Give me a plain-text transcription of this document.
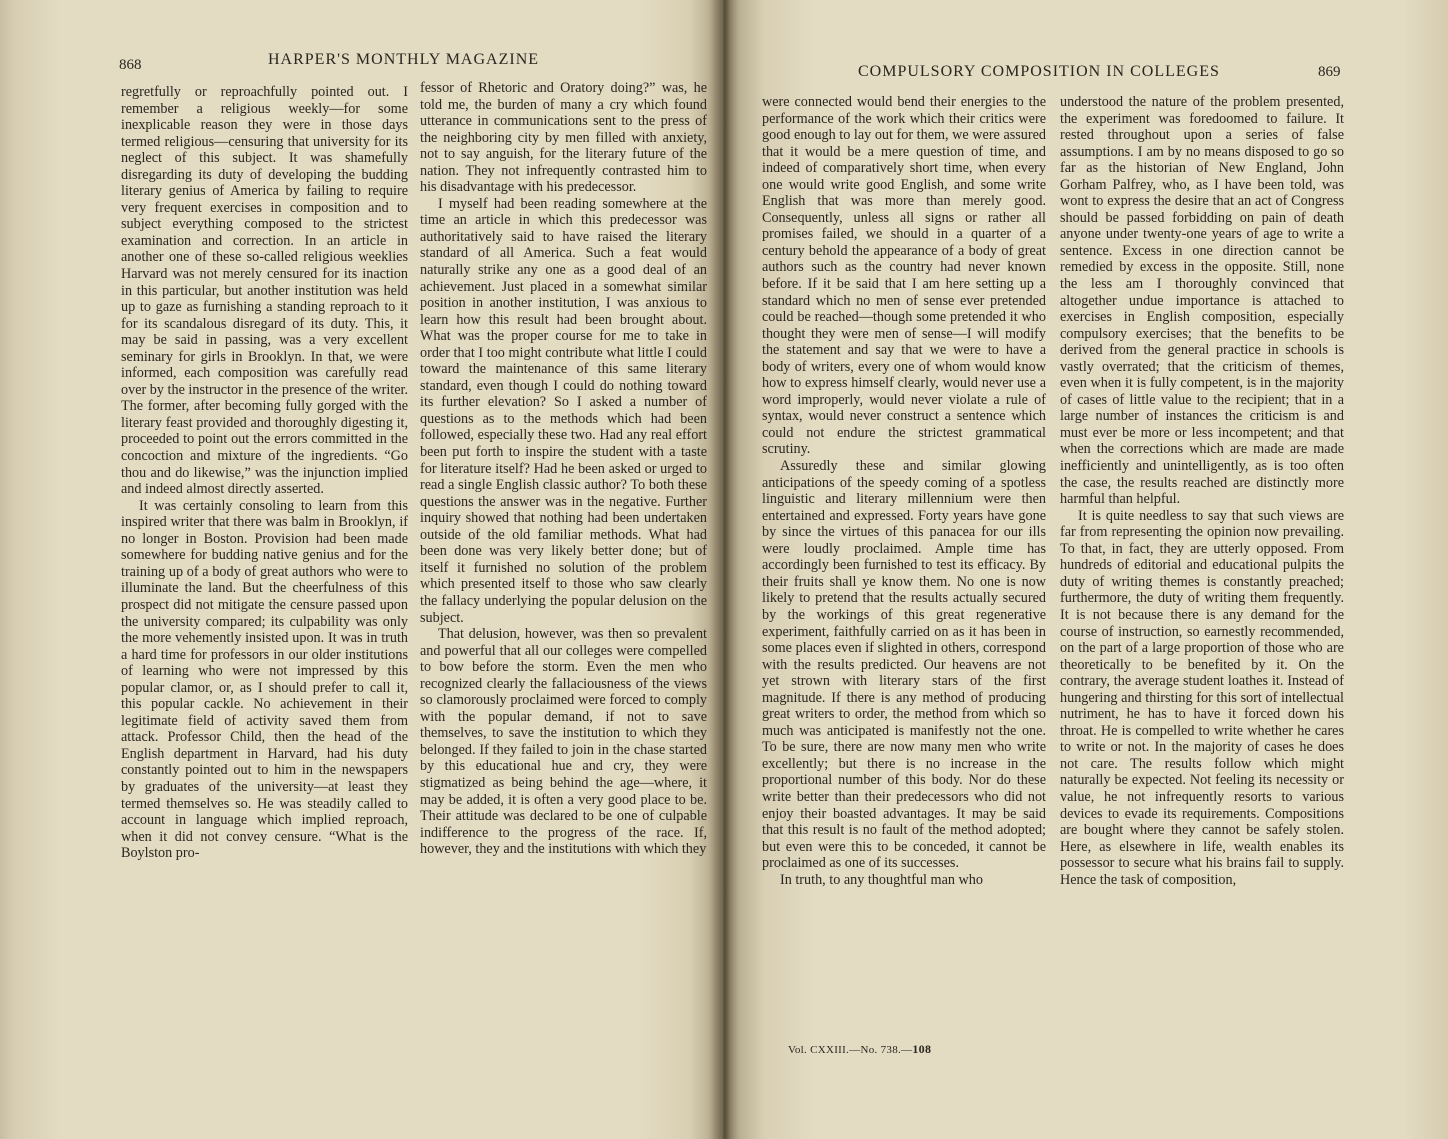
868	HARPER'S MONTHLY MAGAZINE

regretfully or reproachfully pointed out. I remember a religious weekly—for some inexplicable reason they were in those days termed religious—censuring that university for its neglect of this subject. It was shamefully disregarding its duty of developing the budding literary genius of America by failing to require very frequent exercises in composition and to subject everything composed to the strictest examination and correction. In an article in another one of these so-called religious weeklies Harvard was not merely censured for its inaction in this particular, but another institution was held up to gaze as furnishing a standing reproach to it for its scandalous disregard of its duty. This, it may be said in passing, was a very excellent seminary for girls in Brooklyn. In that, we were informed, each composition was carefully read over by the instructor in the presence of the writer. The former, after becoming fully gorged with the literary feast provided and thoroughly digesting it, proceeded to point out the errors committed in the concoction and mixture of the ingredients. “Go thou and do likewise,” was the injunction implied and indeed almost directly asserted.

It was certainly consoling to learn from this inspired writer that there was balm in Brooklyn, if no longer in Boston. Provision had been made somewhere for budding native genius and for the training up of a body of great authors who were to illuminate the land. But the cheerfulness of this prospect did not mitigate the censure passed upon the university compared; its culpability was only the more vehemently insisted upon. It was in truth a hard time for professors in our older institutions of learning who were not impressed by this popular clamor, or, as I should prefer to call it, this popular cackle. No achievement in their legitimate field of activity saved them from attack. Professor Child, then the head of the English department in Harvard, had his duty constantly pointed out to him in the newspapers by graduates of the university—at least they termed themselves so. He was steadily called to account in language which implied reproach, when it did not convey censure. “What is the Boylston pro-

fessor of Rhetoric and Oratory doing?” was, he told me, the burden of many a cry which found utterance in communications sent to the press of the neighboring city by men filled with anxiety, not to say anguish, for the literary future of the nation. They not infrequently contrasted him to his disadvantage with his predecessor.

I myself had been reading somewhere at the time an article in which this predecessor was authoritatively said to have raised the literary standard of all America. Such a feat would naturally strike any one as a good deal of an achievement. Just placed in a somewhat similar position in another institution, I was anxious to learn how this result had been brought about. What was the proper course for me to take in order that I too might contribute what little I could toward the maintenance of this same literary standard, even though I could do nothing toward its further elevation? So I asked a number of questions as to the methods which had been followed, especially these two. Had any real effort been put forth to inspire the student with a taste for literature itself? Had he been asked or urged to read a single English classic author? To both these questions the answer was in the negative. Further inquiry showed that nothing had been undertaken outside of the old familiar methods. What had been done was very likely better done; but of itself it furnished no solution of the problem which presented itself to those who saw clearly the fallacy underlying the popular delusion on the subject.

That delusion, however, was then so prevalent and powerful that all our colleges were compelled to bow before the storm. Even the men who recognized clearly the fallaciousness of the views so clamorously proclaimed were forced to comply with the popular demand, if not to save themselves, to save the institution to which they belonged. If they failed to join in the chase started by this educational hue and cry, they were stigmatized as being behind the age—where, it may be added, it is often a very good place to be. Their attitude was declared to be one of culpable indifference to the progress of the race. If, however, they and the institutions with which they

COMPULSORY COMPOSITION IN COLLEGES	869

were connected would bend their energies to the performance of the work which their critics were good enough to lay out for them, we were assured that it would be a mere question of time, and indeed of comparatively short time, when every one would write good English, and some write English that was more than merely good. Consequently, unless all signs or rather all promises failed, we should in a quarter of a century behold the appearance of a body of great authors such as the country had never known before. If it be said that I am here setting up a standard which no men of sense ever pretended could be reached—though some pretended it who thought they were men of sense—I will modify the statement and say that we were to have a body of writers, every one of whom would know how to express himself clearly, would never use a word improperly, would never violate a rule of syntax, would never construct a sentence which could not endure the strictest grammatical scrutiny.

Assuredly these and similar glowing anticipations of the speedy coming of a spotless linguistic and literary millennium were then entertained and expressed. Forty years have gone by since the virtues of this panacea for our ills were loudly proclaimed. Ample time has accordingly been furnished to test its efficacy. By their fruits shall ye know them. No one is now likely to pretend that the results actually secured by the workings of this great regenerative experiment, faithfully carried on as it has been in some places even if slighted in others, correspond with the results predicted. Our heavens are not yet strown with literary stars of the first magnitude. If there is any method of producing great writers to order, the method from which so much was anticipated is manifestly not the one. To be sure, there are now many men who write excellently; but there is no increase in the proportional number of this body. Nor do these write better than their predecessors who did not enjoy their boasted advantages. It may be said that this result is no fault of the method adopted; but even were this to be conceded, it cannot be proclaimed as one of its successes.

In truth, to any thoughtful man who

understood the nature of the problem presented, the experiment was foredoomed to failure. It rested throughout upon a series of false assumptions. I am by no means disposed to go so far as the historian of New England, John Gorham Palfrey, who, as I have been told, was wont to express the desire that an act of Congress should be passed forbidding on pain of death anyone under twenty-one years of age to write a sentence. Excess in one direction cannot be remedied by excess in the opposite. Still, none the less am I thoroughly convinced that altogether undue importance is attached to exercises in English composition, especially compulsory exercises; that the benefits to be derived from the general practice in schools is vastly overrated; that the criticism of themes, even when it is fully competent, is in the majority of cases of little value to the recipient; that in a large number of instances the criticism is and must ever be more or less incompetent; and that when the corrections which are made are made inefficiently and unintelligently, as is too often the case, the results reached are distinctly more harmful than helpful.

It is quite needless to say that such views are far from representing the opinion now prevailing. To that, in fact, they are utterly opposed. From hundreds of editorial and educational pulpits the duty of writing themes is constantly preached; furthermore, the duty of writing them frequently. It is not because there is any demand for the course of instruction, so earnestly recommended, on the part of a large proportion of those who are theoretically to be benefited by it. On the contrary, the average student loathes it. Instead of hungering and thirsting for this sort of intellectual nutriment, he has to have it forced down his throat. He is compelled to write whether he cares to write or not. In the majority of cases he does not care. The results follow which might naturally be expected. Not feeling its necessity or value, he not infrequently resorts to various devices to evade its requirements. Compositions are bought where they cannot be safely stolen. Here, as elsewhere in life, wealth enables its possessor to secure what his brains fail to supply. Hence the task of composition,

Vol. CXXIII.—No. 738.—108
